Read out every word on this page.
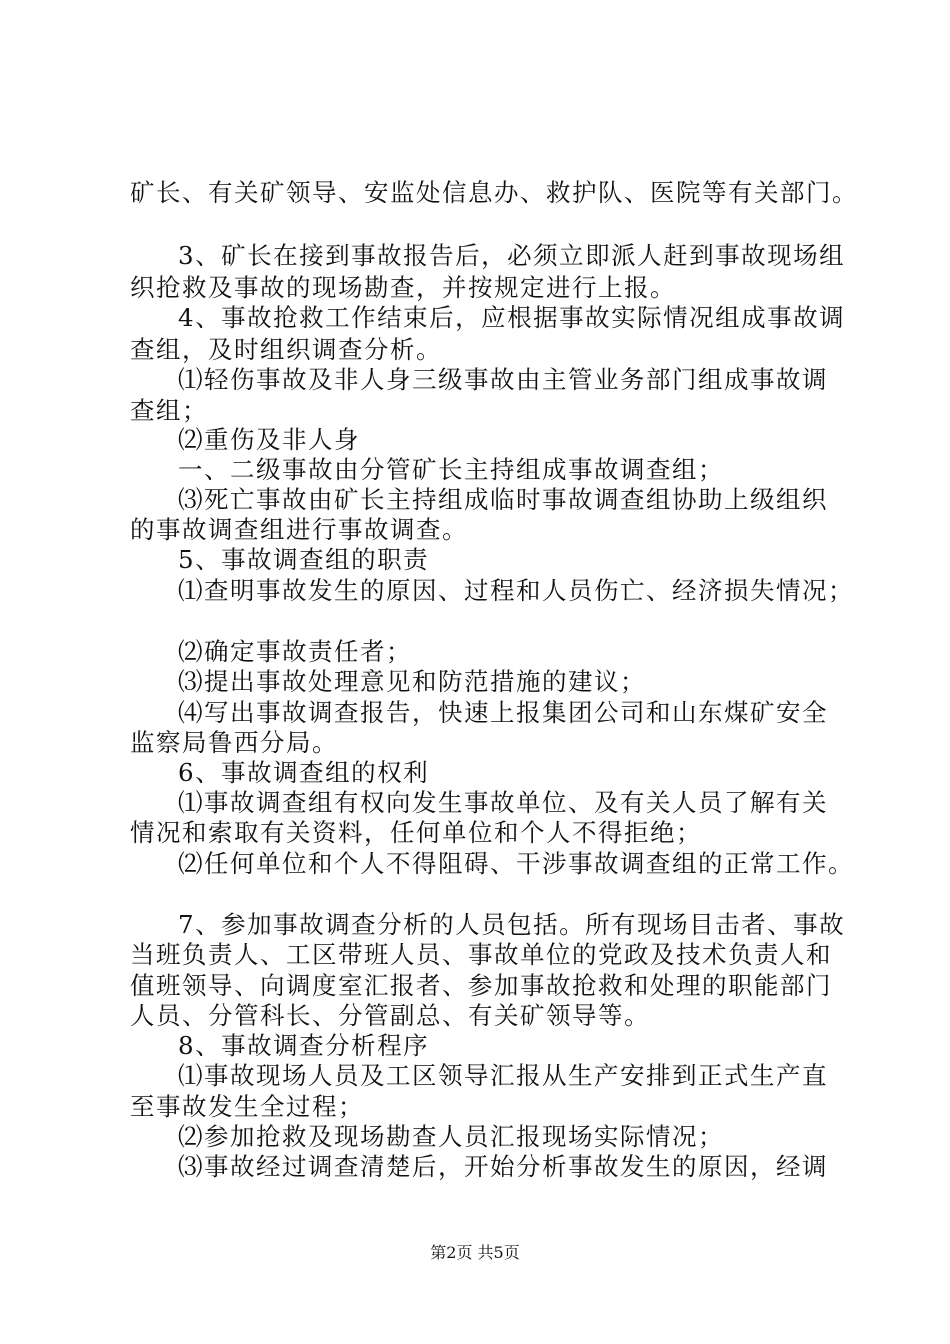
矿长、有关矿领导、安监处信息办、救护队、医院等有关部门。
3、矿长在接到事故报告后，必须立即派人赶到事故现场组
织抢救及事故的现场勘查，并按规定进行上报。
4、事故抢救工作结束后，应根据事故实际情况组成事故调
查组，及时组织调查分析。
⑴轻伤事故及非人身三级事故由主管业务部门组成事故调
查组；
⑵重伤及非人身
一、二级事故由分管矿长主持组成事故调查组；
⑶死亡事故由矿长主持组成临时事故调查组协助上级组织
的事故调查组进行事故调查。
5、事故调查组的职责
⑴查明事故发生的原因、过程和人员伤亡、经济损失情况；
⑵确定事故责任者；
⑶提出事故处理意见和防范措施的建议；
⑷写出事故调查报告，快速上报集团公司和山东煤矿安全
监察局鲁西分局。
6、事故调查组的权利
⑴事故调查组有权向发生事故单位、及有关人员了解有关
情况和索取有关资料，任何单位和个人不得拒绝；
⑵任何单位和个人不得阻碍、干涉事故调查组的正常工作。
7、参加事故调查分析的人员包括。所有现场目击者、事故
当班负责人、工区带班人员、事故单位的党政及技术负责人和
值班领导、向调度室汇报者、参加事故抢救和处理的职能部门
人员、分管科长、分管副总、有关矿领导等。
8、事故调查分析程序
⑴事故现场人员及工区领导汇报从生产安排到正式生产直
至事故发生全过程；
⑵参加抢救及现场勘查人员汇报现场实际情况；
⑶事故经过调查清楚后，开始分析事故发生的原因，经调
第2页 共5页
